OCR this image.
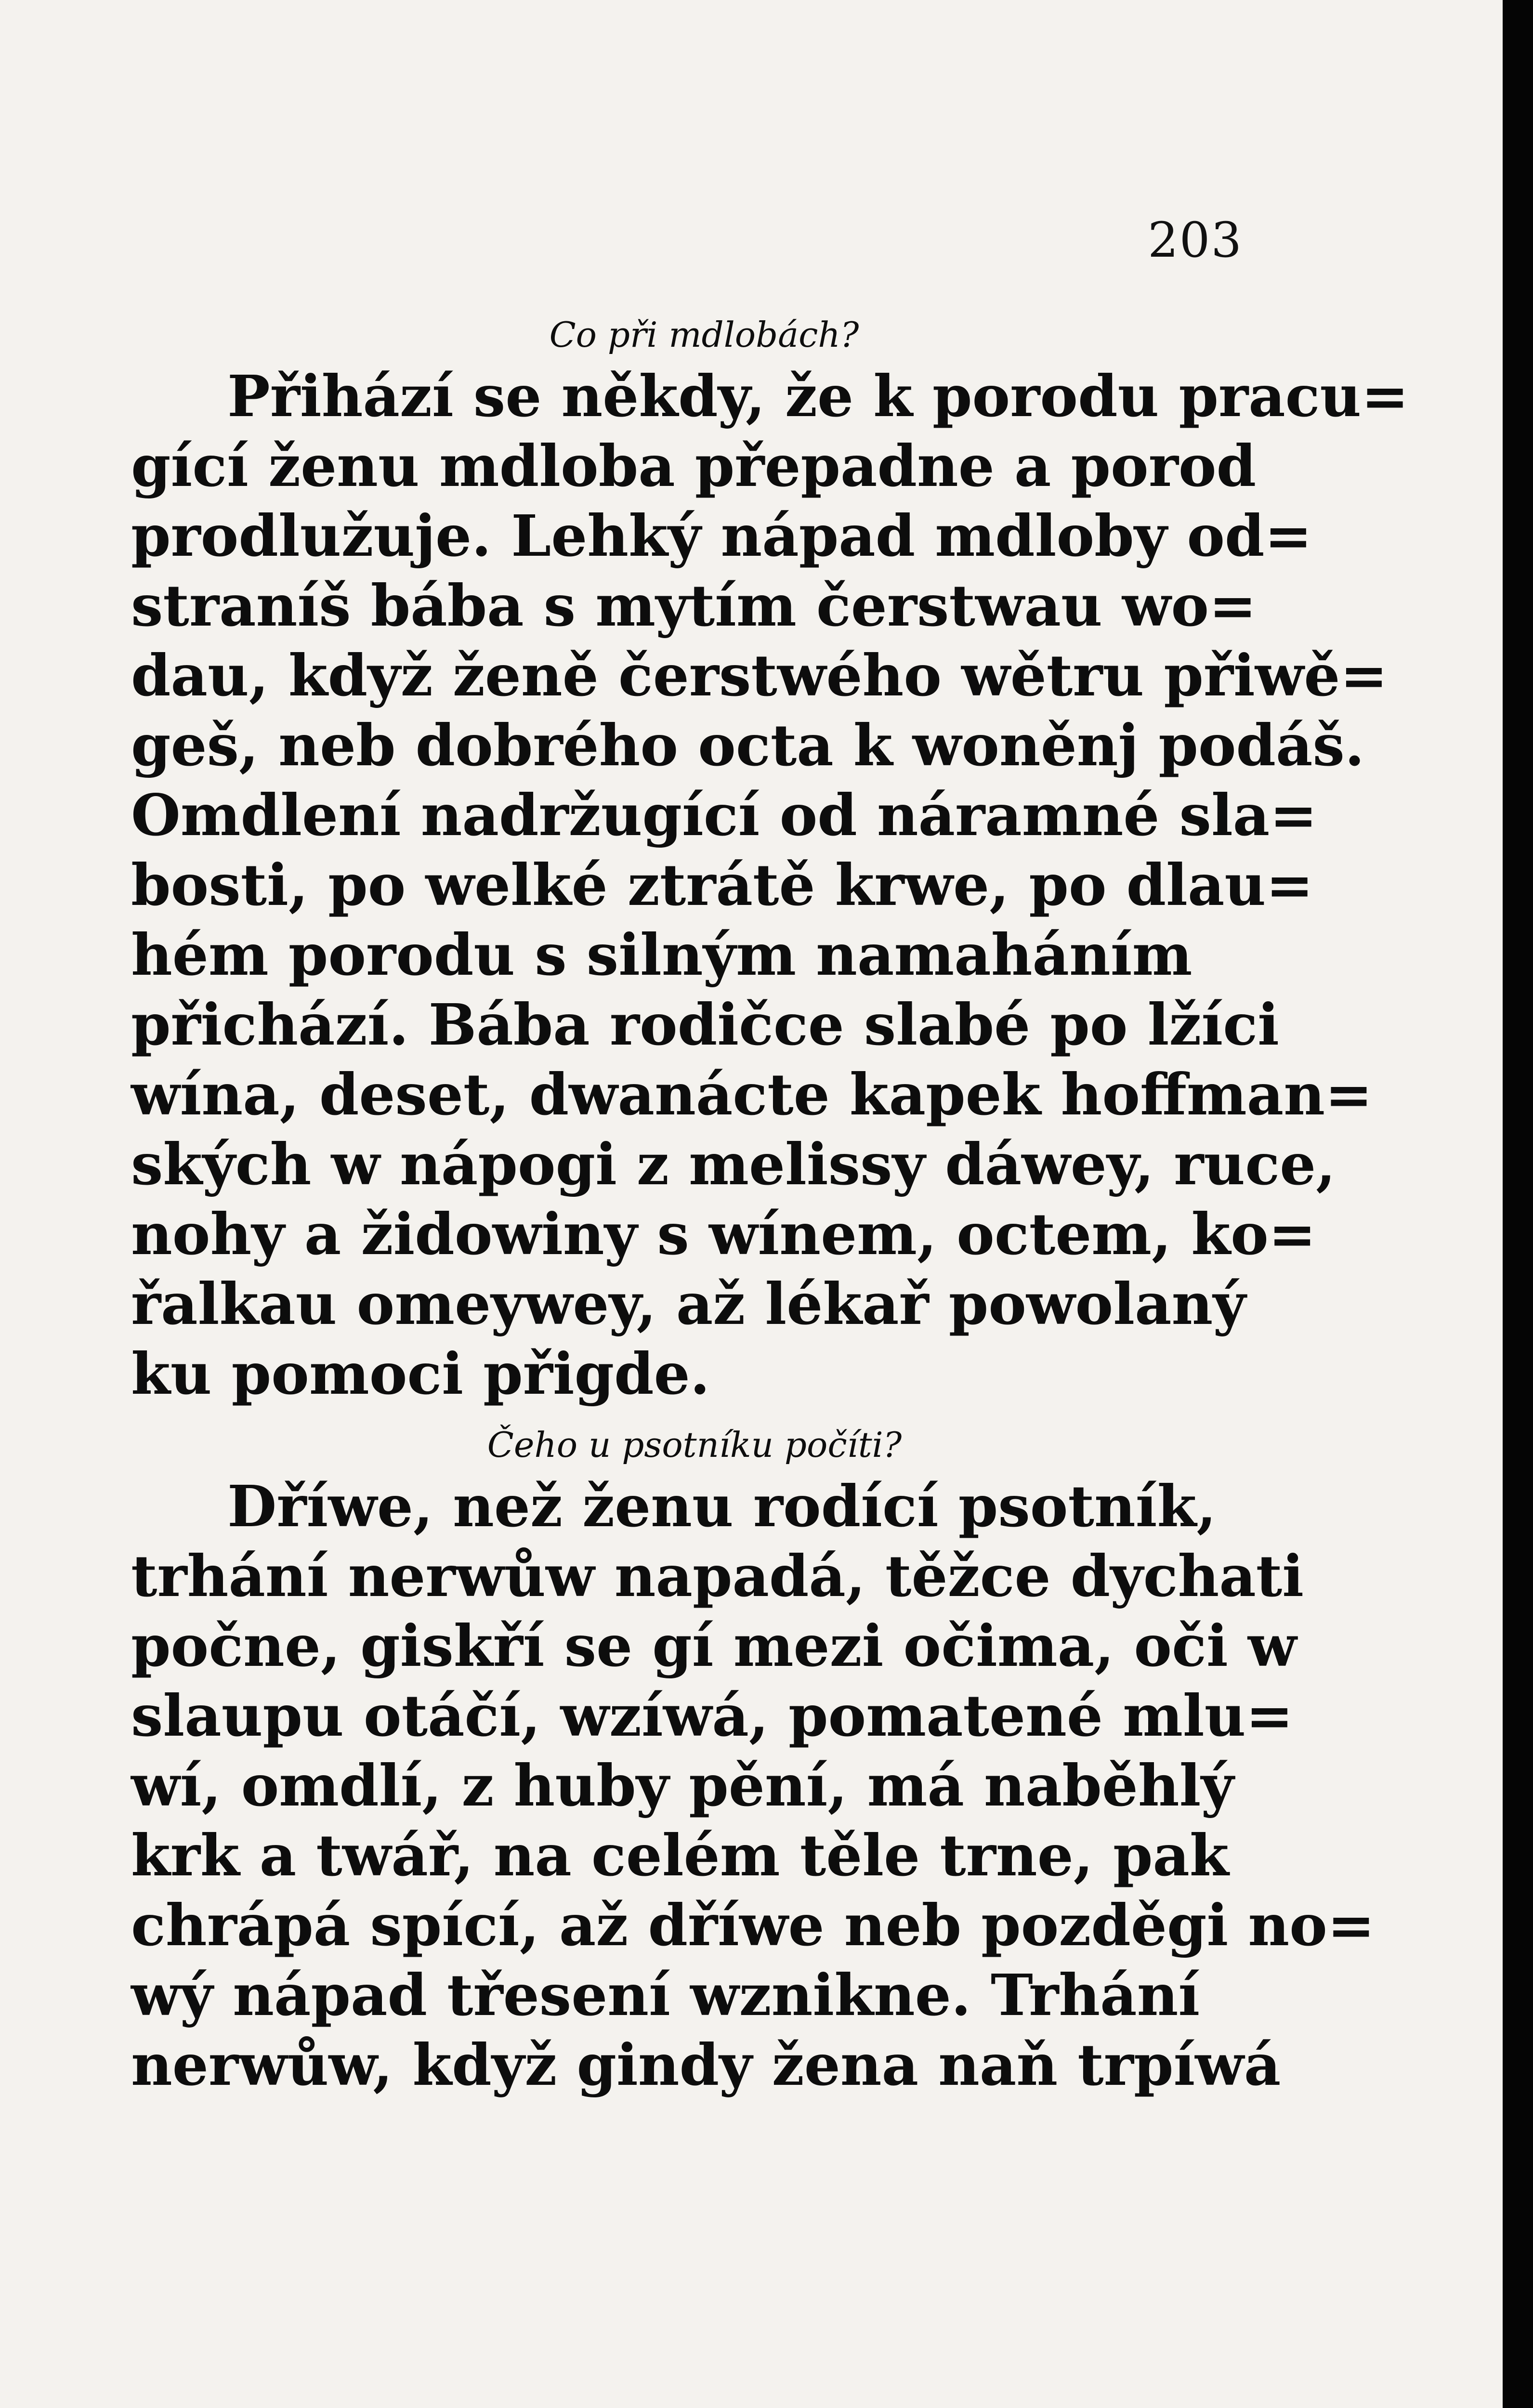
203

Co při mdlobách?

Přihází se někdy, že k porodu pracu=

gící ženu mdloba přepadne a porod

prodlužuje. Lehký nápad mdloby od=

straníš bába s mytím čerstwau wo=

dau, když ženě čerstwého wětru přiwě=

geš, neb dobrého octa k woněnj podáš.

Omdlení nadržugící od náramné sla=

bosti, po welké ztrátě krwe, po dlau=

hém porodu s silným namaháním

přichází. Bába rodičce slabé po lžíci

wína, deset, dwanácte kapek hoffman=

ských w nápogi z melissy dáwey, ruce,

nohy a židowiny s wínem, octem, ko=

řalkau omeywey, až lékař powolaný

ku pomoci přigde.

Čeho u psotníku počíti?

Dříwe, než ženu rodící psotník,

trhání nerwůw napadá, těžce dychati

počne, giskří se gí mezi očima, oči w

slaupu otáčí, wzíwá, pomatené mlu=

wí, omdlí, z huby pění, má naběhlý

krk a twář, na celém těle trne, pak

chrápá spící, až dříwe neb pozděgi no=

wý nápad třesení wznikne. Trhání

nerwůw, když gindy žena naň trpíwá
